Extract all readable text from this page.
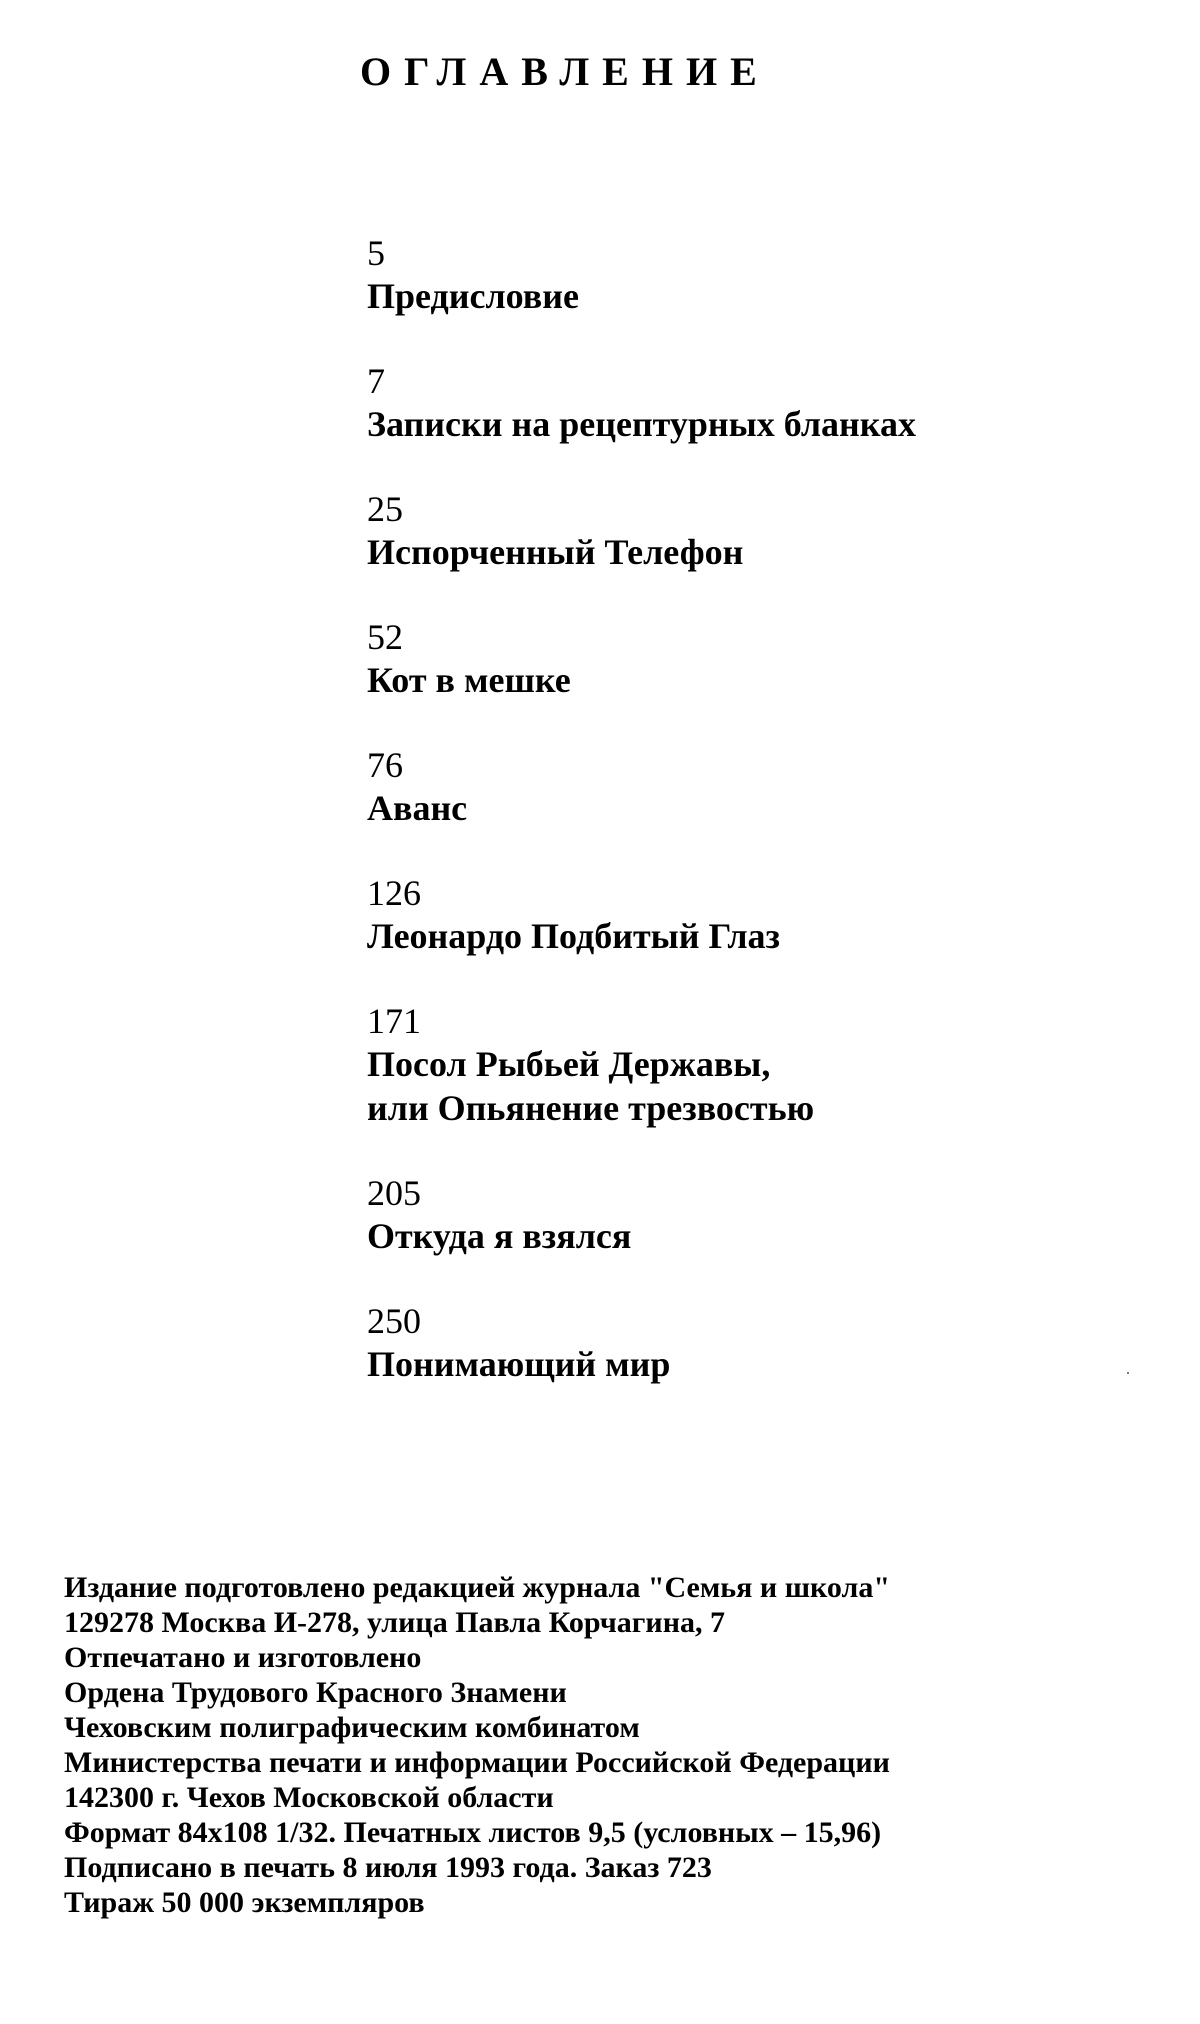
ОГЛАВЛЕНИЕ
5
Предисловие
7
Записки на рецептурных бланках
25
Испорченный Телефон
52
Кот в мешке
76
Аванс
126
Леонардо Подбитый Глаз
171
Посол Рыбьей Державы,
или Опьянение трезвостью
205
Откуда я взялся
250
Понимающий мир
Издание подготовлено редакцией журнала "Семья и школа"
129278 Москва И-278, улица Павла Корчагина, 7
Отпечатано и изготовлено
Ордена Трудового Красного Знамени
Чеховским полиграфическим комбинатом
Министерства печати и информации Российской Федерации
142300 г. Чехов Московской области
Формат 84x108 1/32. Печатных листов 9,5 (условных – 15,96)
Подписано в печать 8 июля 1993 года. Заказ 723
Тираж 50 000 экземпляров
